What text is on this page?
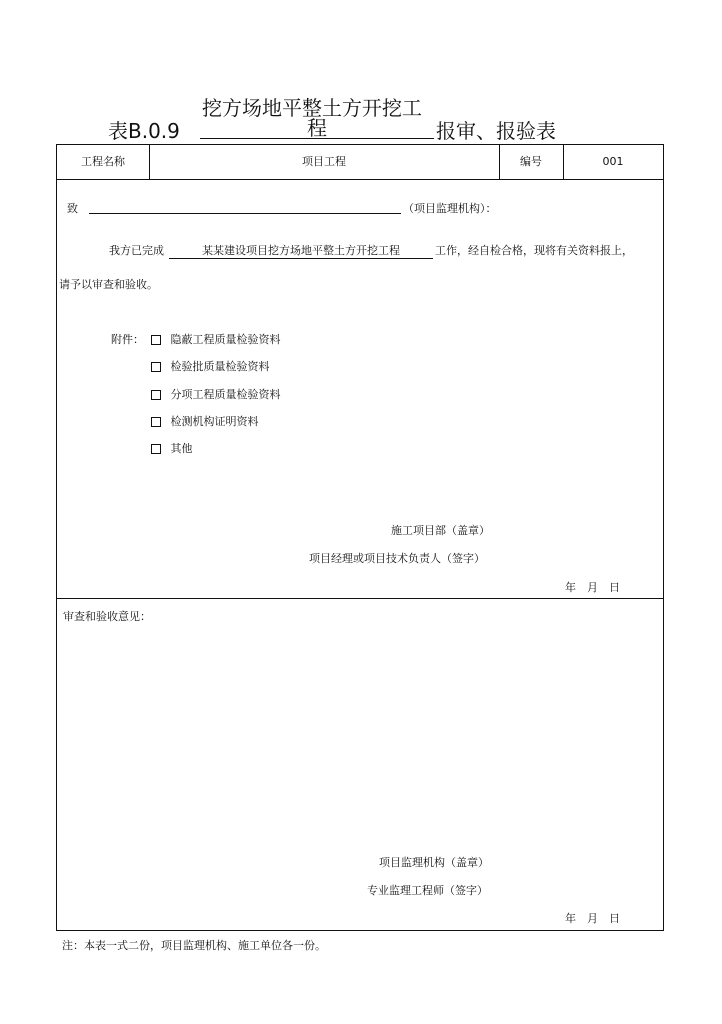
挖方场地平整土方开挖工
表B.0.9	程	报审、报验表
工程名称	项目工程	编号	001
致	（项目监理机构）：
我方已完成	某某建设项目挖方场地平整土方开挖工程	工作，经自检合格，现将有关资料报上，
请予以审查和验收。
附件：	隐蔽工程质量检验资料
检验批质量检验资料
分项工程质量检验资料
检测机构证明资料
其他
施工项目部（盖章）
项目经理或项目技术负责人（签字）
年　月　日
审查和验收意见：
项目监理机构（盖章）
专业监理工程师（签字）
年　月　日
注：本表一式二份，项目监理机构、施工单位各一份。
